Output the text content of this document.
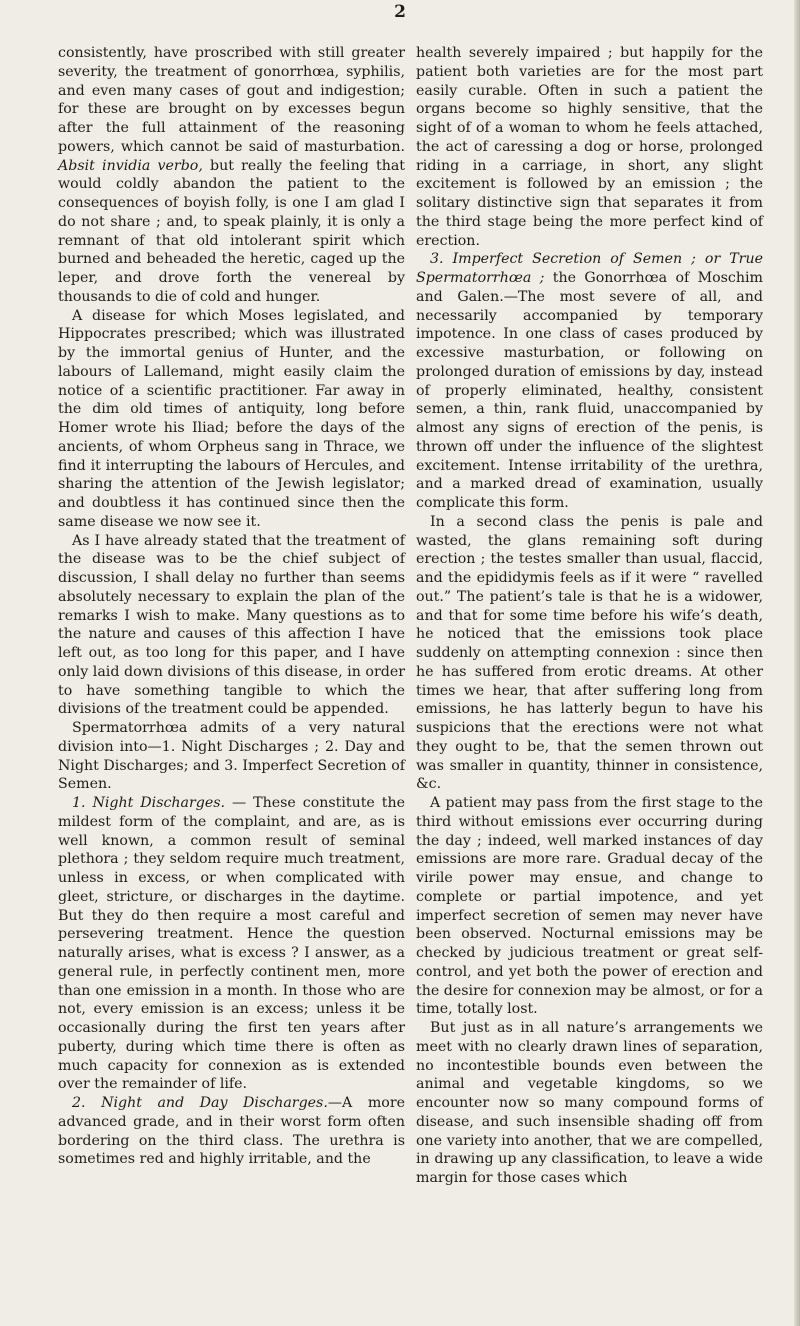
2

consistently, have proscribed with still greater severity, the treatment of gonorrhœa, syphilis, and even many cases of gout and indigestion; for these are brought on by excesses begun after the full attainment of the reasoning powers, which cannot be said of masturbation. Absit invidia verbo, but really the feeling that would coldly abandon the patient to the consequences of boyish folly, is one I am glad I do not share ; and, to speak plainly, it is only a remnant of that old intolerant spirit which burned and beheaded the heretic, caged up the leper, and drove forth the venereal by thousands to die of cold and hunger.

A disease for which Moses legislated, and Hippocrates prescribed; which was illustrated by the immortal genius of Hunter, and the labours of Lallemand, might easily claim the notice of a scientific practitioner. Far away in the dim old times of antiquity, long before Homer wrote his Iliad; before the days of the ancients, of whom Orpheus sang in Thrace, we find it interrupting the labours of Hercules, and sharing the attention of the Jewish legislator; and doubtless it has continued since then the same disease we now see it.

As I have already stated that the treatment of the disease was to be the chief subject of discussion, I shall delay no further than seems absolutely necessary to explain the plan of the remarks I wish to make. Many questions as to the nature and causes of this affection I have left out, as too long for this paper, and I have only laid down divisions of this disease, in order to have something tangible to which the divisions of the treatment could be appended.

Spermatorrhœa admits of a very natural division into—1. Night Discharges ; 2. Day and Night Discharges; and 3. Imperfect Secretion of Semen.

1. Night Discharges. — These constitute the mildest form of the complaint, and are, as is well known, a common result of seminal plethora ; they seldom require much treatment, unless in excess, or when complicated with gleet, stricture, or discharges in the daytime. But they do then require a most careful and persevering treatment. Hence the question naturally arises, what is excess ? I answer, as a general rule, in perfectly continent men, more than one emission in a month. In those who are not, every emission is an excess; unless it be occasionally during the first ten years after puberty, during which time there is often as much capacity for connexion as is extended over the remainder of life.

2. Night and Day Discharges.—A more advanced grade, and in their worst form often bordering on the third class. The urethra is sometimes red and highly irritable, and the

health severely impaired ; but happily for the patient both varieties are for the most part easily curable. Often in such a patient the organs become so highly sensitive, that the sight of of a woman to whom he feels attached, the act of caressing a dog or horse, prolonged riding in a carriage, in short, any slight excitement is followed by an emission ; the solitary distinctive sign that separates it from the third stage being the more perfect kind of erection.

3. Imperfect Secretion of Semen ; or True Spermatorrhœa ; the Gonorrhœa of Moschim and Galen.—The most severe of all, and necessarily accompanied by temporary impotence. In one class of cases produced by excessive masturbation, or following on prolonged duration of emissions by day, instead of properly eliminated, healthy, consistent semen, a thin, rank fluid, unaccompanied by almost any signs of erection of the penis, is thrown off under the influence of the slightest excitement. Intense irritability of the urethra, and a marked dread of examination, usually complicate this form.

In a second class the penis is pale and wasted, the glans remaining soft during erection ; the testes smaller than usual, flaccid, and the epididymis feels as if it were “ ravelled out.” The patient’s tale is that he is a widower, and that for some time before his wife’s death, he noticed that the emissions took place suddenly on attempting connexion : since then he has suffered from erotic dreams. At other times we hear, that after suffering long from emissions, he has latterly begun to have his suspicions that the erections were not what they ought to be, that the semen thrown out was smaller in quantity, thinner in consistence, &c.

A patient may pass from the first stage to the third without emissions ever occurring during the day ; indeed, well marked instances of day emissions are more rare. Gradual decay of the virile power may ensue, and change to complete or partial impotence, and yet imperfect secretion of semen may never have been observed. Nocturnal emissions may be checked by judicious treatment or great self-control, and yet both the power of erection and the desire for connexion may be almost, or for a time, totally lost.

But just as in all nature’s arrangements we meet with no clearly drawn lines of separation, no incontestible bounds even between the animal and vegetable kingdoms, so we encounter now so many compound forms of disease, and such insensible shading off from one variety into another, that we are compelled, in drawing up any classification, to leave a wide margin for those cases which
